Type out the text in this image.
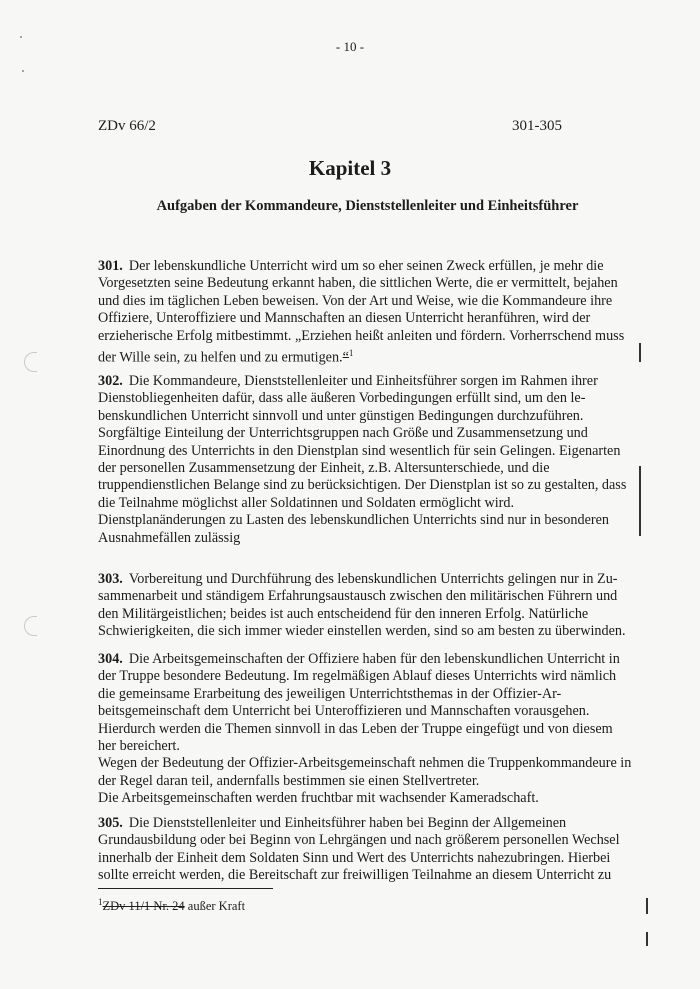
- 10 -
ZDv 66/2	301-305
Kapitel 3
Aufgaben der Kommandeure, Dienststellenleiter und Einheitsführer
301. Der lebenskundliche Unterricht wird um so eher seinen Zweck erfüllen, je mehr die
Vorgesetzten seine Bedeutung erkannt haben, die sittlichen Werte, die er vermittelt, bejahen
und dies im täglichen Leben beweisen. Von der Art und Weise, wie die Kommandeure ihre
Offiziere, Unteroffiziere und Mannschaften an diesen Unterricht heranführen, wird der
erzieherische Erfolg mitbestimmt. „Erziehen heißt anleiten und fördern. Vorherrschend muss
der Wille sein, zu helfen und zu ermutigen.“$^1$
302. Die Kommandeure, Dienststellenleiter und Einheitsführer sorgen im Rahmen ihrer
Dienstobliegenheiten dafür, dass alle äußeren Vorbedingungen erfüllt sind, um den le-
benskundlichen Unterricht sinnvoll und unter günstigen Bedingungen durchzuführen.
Sorgfältige Einteilung der Unterrichtsgruppen nach Größe und Zusammensetzung und
Einordnung des Unterrichts in den Dienstplan sind wesentlich für sein Gelingen. Eigenarten
der personellen Zusammensetzung der Einheit, z.B. Altersunterschiede, und die
truppendienstlichen Belange sind zu berücksichtigen. Der Dienstplan ist so zu gestalten, dass
die Teilnahme möglichst aller Soldatinnen und Soldaten ermöglicht wird.
Dienstplanänderungen zu Lasten des lebenskundlichen Unterrichts sind nur in besonderen
Ausnahmefällen zulässig
303. Vorbereitung und Durchführung des lebenskundlichen Unterrichts gelingen nur in Zu-
sammenarbeit und ständigem Erfahrungsaustausch zwischen den militärischen Führern und
den Militärgeistlichen; beides ist auch entscheidend für den inneren Erfolg. Natürliche
Schwierigkeiten, die sich immer wieder einstellen werden, sind so am besten zu überwinden.
304. Die Arbeitsgemeinschaften der Offiziere haben für den lebenskundlichen Unterricht in
der Truppe besondere Bedeutung. Im regelmäßigen Ablauf dieses Unterrichts wird nämlich
die gemeinsame Erarbeitung des jeweiligen Unterrichtsthemas in der Offizier-Ar-
beitsgemeinschaft dem Unterricht bei Unteroffizieren und Mannschaften vorausgehen.
Hierdurch werden die Themen sinnvoll in das Leben der Truppe eingefügt und von diesem
her bereichert.
Wegen der Bedeutung der Offizier-Arbeitsgemeinschaft nehmen die Truppenkommandeure in
der Regel daran teil, andernfalls bestimmen sie einen Stellvertreter.
Die Arbeitsgemeinschaften werden fruchtbar mit wachsender Kameradschaft.
305. Die Dienststellenleiter und Einheitsführer haben bei Beginn der Allgemeinen
Grundausbildung oder bei Beginn von Lehrgängen und nach größerem personellen Wechsel
innerhalb der Einheit dem Soldaten Sinn und Wert des Unterrichts nahezubringen. Hierbei
sollte erreicht werden, die Bereitschaft zur freiwilligen Teilnahme an diesem Unterricht zu
$^1$ZDv 11/1 Nr. 24 außer Kraft
